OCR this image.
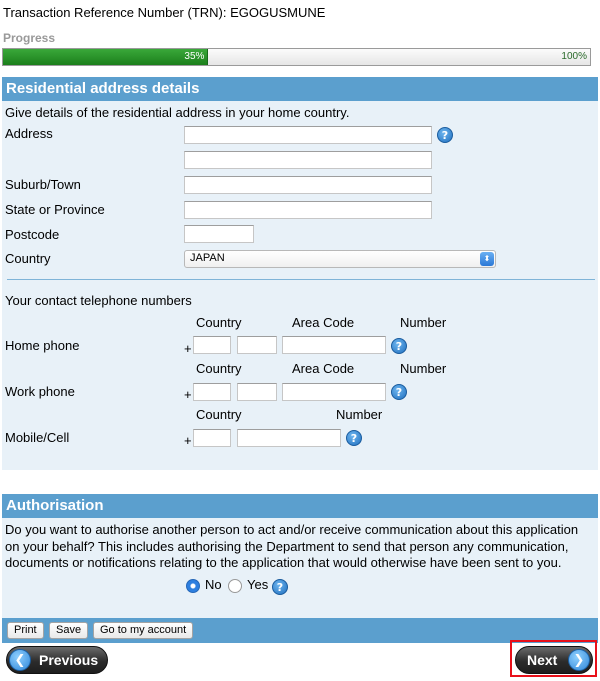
Transaction Reference Number (TRN): EGOGUSMUNE
Progress
35%	100%
Residential address details
Give details of the residential address in your home country.
Address	?
Suburb/Town
State or Province
Postcode
Country	JAPAN	⬍
Your contact telephone numbers
Country	Area Code	Number
Home phone	+	?
Country	Area Code	Number
Work phone	+	?
Country	Number
Mobile/Cell	+	?
Authorisation
Do you want to authorise another person to act and/or receive communication about this application
on your behalf? This includes authorising the Department to send that person any communication,
documents or notifications relating to the application that would otherwise have been sent to you.
No Yes ?
Print	Save	Go to my account
❮ Previous	Next	❯
